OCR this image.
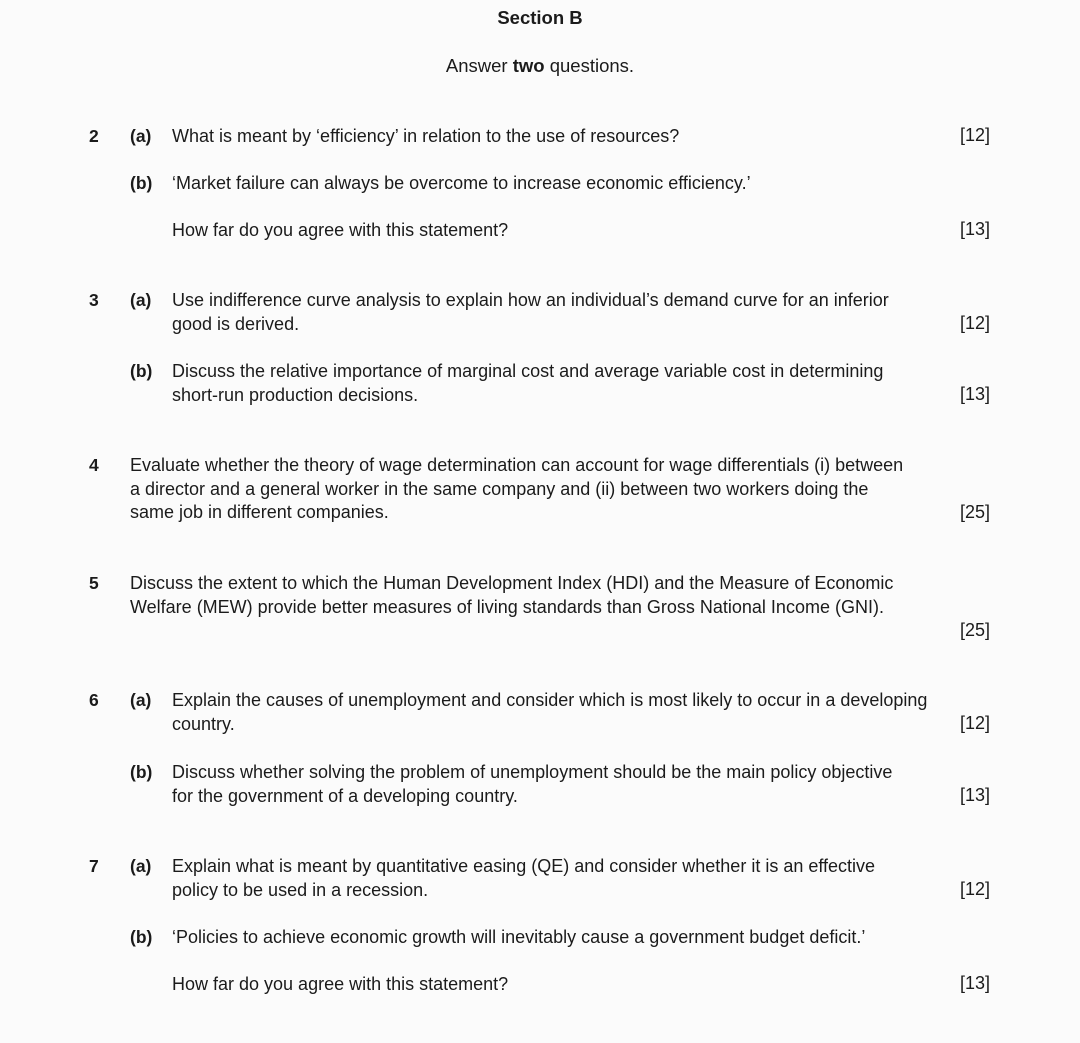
Section B
Answer two questions.
2 (a) What is meant by ‘efficiency’ in relation to the use of resources?	[12]
(b) ‘Market failure can always be overcome to increase economic efficiency.’
How far do you agree with this statement?	[13]
3 (a) Use indifference curve analysis to explain how an individual’s demand curve for an inferior
good is derived.	[12]
(b) Discuss the relative importance of marginal cost and average variable cost in determining
short-run production decisions.	[13]
4 Evaluate whether the theory of wage determination can account for wage differentials (i) between
a director and a general worker in the same company and (ii) between two workers doing the
same job in different companies.	[25]
5 Discuss the extent to which the Human Development Index (HDI) and the Measure of Economic
Welfare (MEW) provide better measures of living standards than Gross National Income (GNI).
[25]
6 (a) Explain the causes of unemployment and consider which is most likely to occur in a developing
country.	[12]
(b) Discuss whether solving the problem of unemployment should be the main policy objective
for the government of a developing country.	[13]
7 (a) Explain what is meant by quantitative easing (QE) and consider whether it is an effective
policy to be used in a recession.	[12]
(b) ‘Policies to achieve economic growth will inevitably cause a government budget deficit.’
How far do you agree with this statement?	[13]
